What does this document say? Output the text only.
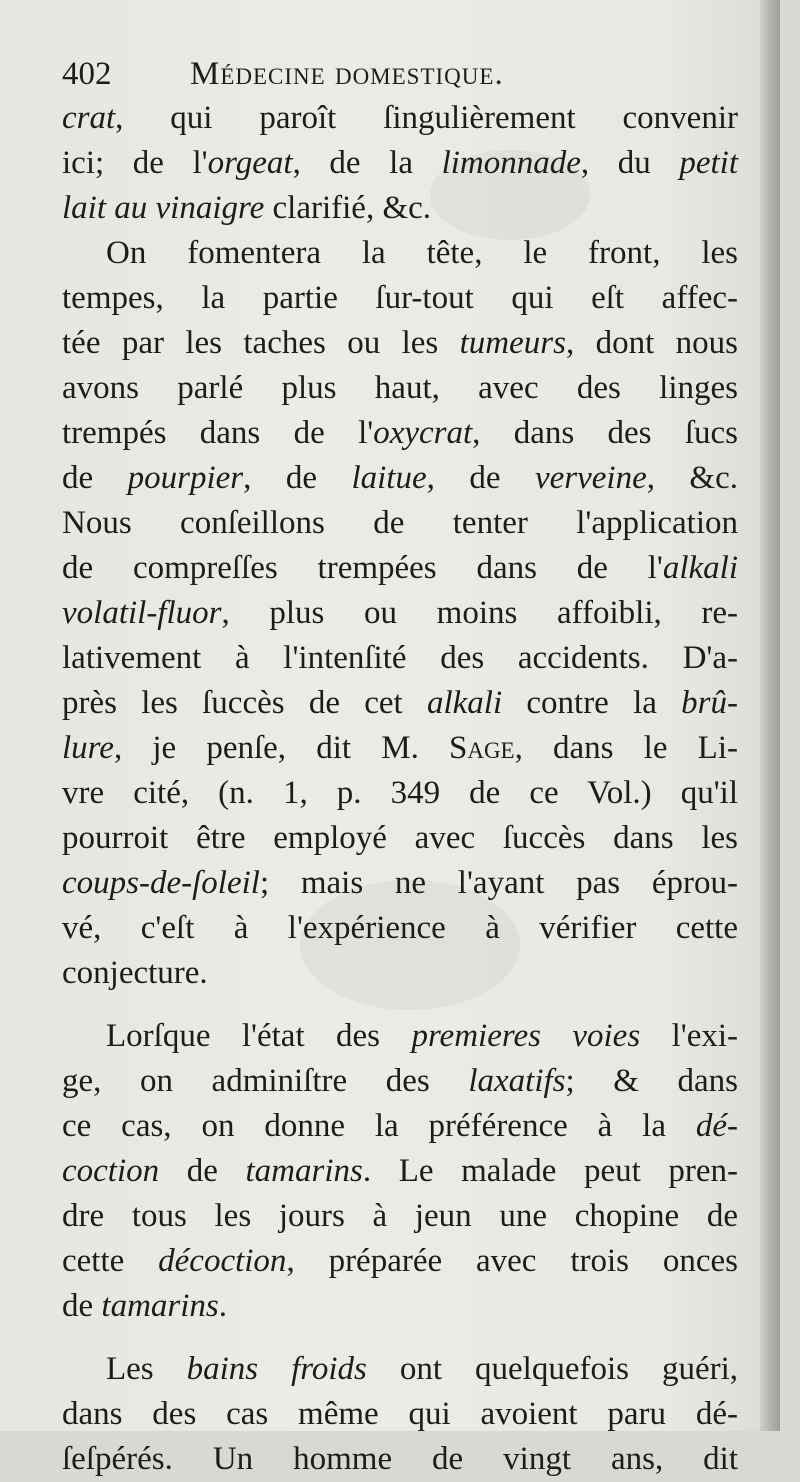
402 Médecine domestique.
crat, qui paroît ſingulièrement convenir
ici; de l'orgeat, de la limonnade, du petit
lait au vinaigre clarifié, &c.
On fomentera la tête, le front, les
tempes, la partie ſur-tout qui eſt affec-
tée par les taches ou les tumeurs, dont nous
avons parlé plus haut, avec des linges
trempés dans de l'oxycrat, dans des ſucs
de pourpier, de laitue, de verveine, &c.
Nous conſeillons de tenter l'application
de compreſſes trempées dans de l'alkali
volatil-fluor, plus ou moins affoibli, re-
lativement à l'intenſité des accidents. D'a-
près les ſuccès de cet alkali contre la brû-
lure, je penſe, dit M. Sage, dans le Li-
vre cité, (n. 1, p. 349 de ce Vol.) qu'il
pourroit être employé avec ſuccès dans les
coups-de-ſoleil; mais ne l'ayant pas éprou-
vé, c'eſt à l'expérience à vérifier cette
conjecture.
Lorſque l'état des premieres voies l'exi-
ge, on adminiſtre des laxatifs; & dans
ce cas, on donne la préférence à la dé-
coction de tamarins. Le malade peut pren-
dre tous les jours à jeun une chopine de
cette décoction, préparée avec trois onces
de tamarins.
Les bains froids ont quelquefois guéri,
dans des cas même qui avoient paru dé-
ſeſpérés. Un homme de vingt ans, dit
